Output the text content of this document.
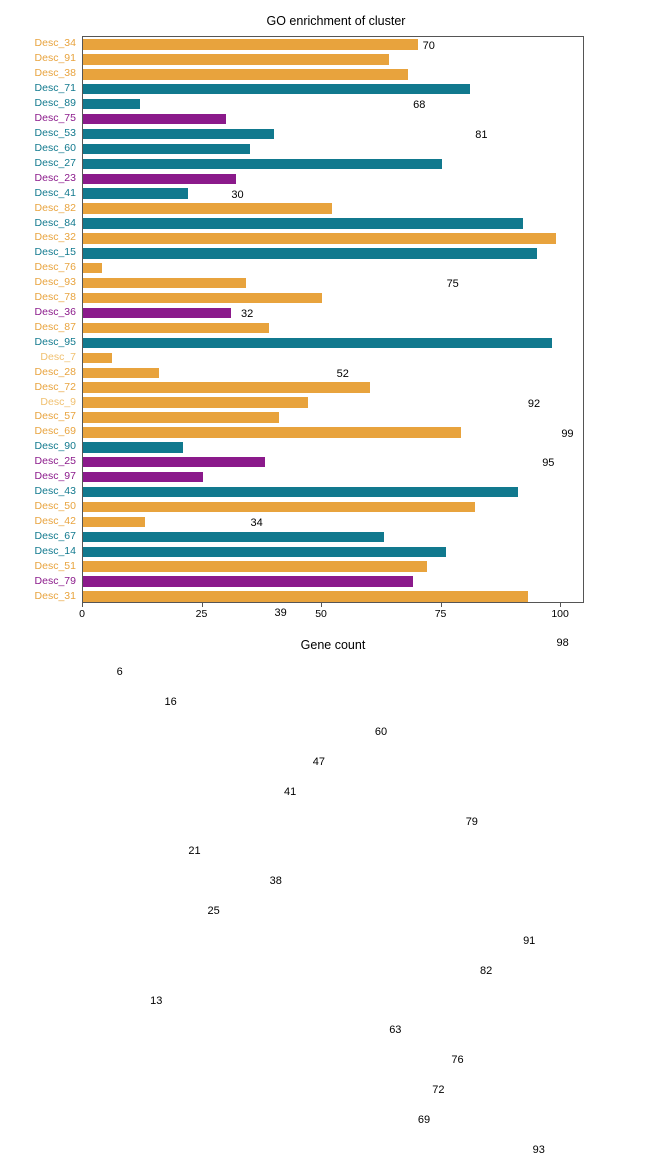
GO enrichment of cluster
Desc_34
Desc_91
Desc_38
Desc_71
Desc_89
Desc_75
Desc_53
Desc_60
Desc_27
Desc_23
Desc_41
Desc_82
Desc_84
Desc_32
Desc_15
Desc_76
Desc_93
Desc_78
Desc_36
Desc_87
Desc_95
Desc_7
Desc_28
Desc_72
Desc_9
Desc_57
Desc_69
Desc_90
Desc_25
Desc_97
Desc_43
Desc_50
Desc_42
Desc_67
Desc_14
Desc_51
Desc_79
Desc_31
70
68
81
30
75
32
52
92
99
95
34
39
98
6
16
60
47
41
79
21
38
25
91
82
13
63
76
72
69
93
0	25	50	75	100
Gene count
